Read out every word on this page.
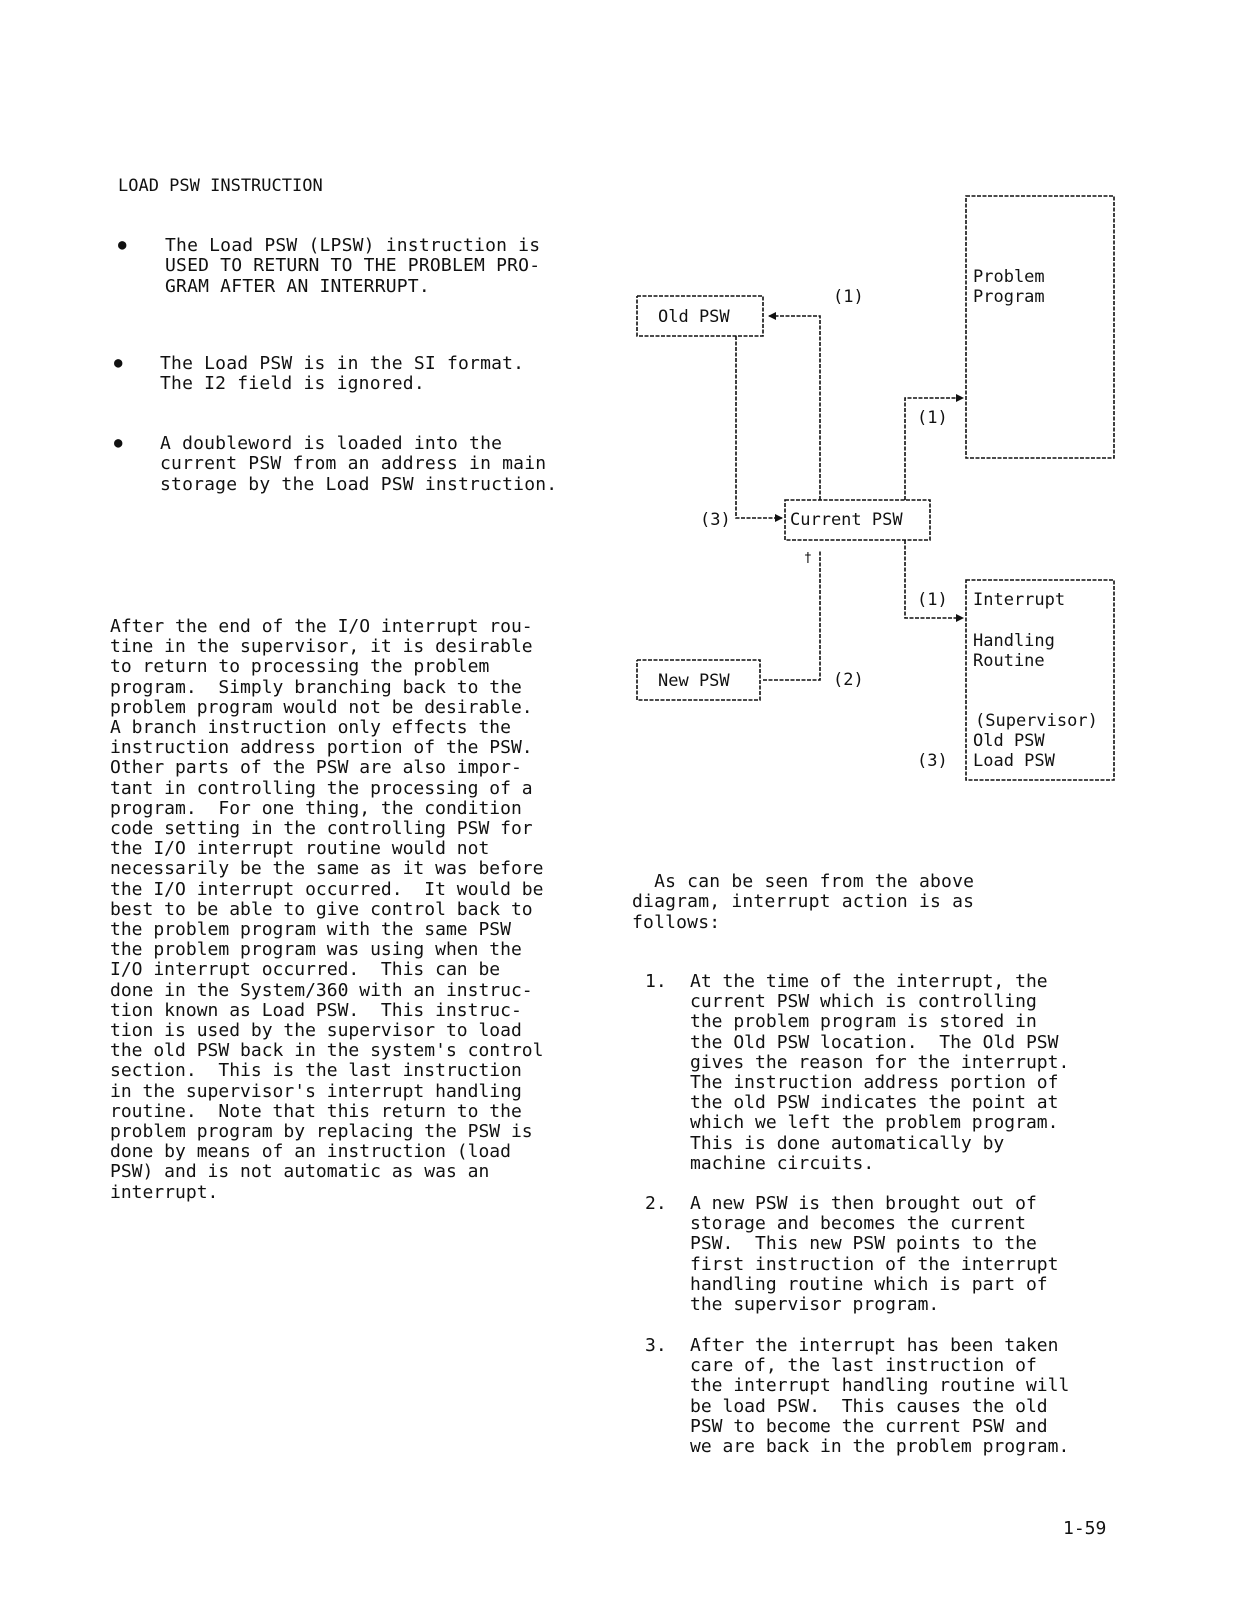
LOAD PSW INSTRUCTION
● The Load PSW (LPSW) instruction is
USED TO RETURN TO THE PROBLEM PRO-
GRAM AFTER AN INTERRUPT.
● The Load PSW is in the SI format.
The I2 field is ignored.
● A doubleword is loaded into the
current PSW from an address in main
storage by the Load PSW instruction.
After the end of the I/O interrupt rou-
tine in the supervisor, it is desirable
to return to processing the problem
program.  Simply branching back to the
problem program would not be desirable.
A branch instruction only effects the
instruction address portion of the PSW.
Other parts of the PSW are also impor-
tant in controlling the processing of a
program.  For one thing, the condition
code setting in the controlling PSW for
the I/O interrupt routine would not
necessarily be the same as it was before
the I/O interrupt occurred.  It would be
best to be able to give control back to
the problem program with the same PSW
the problem program was using when the
I/O interrupt occurred.  This can be
done in the System/360 with an instruc-
tion known as Load PSW.  This instruc-
tion is used by the supervisor to load
the old PSW back in the system's control
section.  This is the last instruction
in the supervisor's interrupt handling
routine.  Note that this return to the
problem program by replacing the PSW is
done by means of an instruction (load
PSW) and is not automatic as was an
interrupt.
Problem
Program
Old PSW
New PSW
Current PSW
Interrupt
Handling
Routine
(Supervisor)
Old PSW
Load PSW
(1)
(1)
(1)
(2)
(3)
(3)
†
As can be seen from the above
diagram, interrupt action is as
follows:
1. At the time of the interrupt, the
current PSW which is controlling
the problem program is stored in
the Old PSW location.  The Old PSW
gives the reason for the interrupt.
The instruction address portion of
the old PSW indicates the point at
which we left the problem program.
This is done automatically by
machine circuits.
2. A new PSW is then brought out of
storage and becomes the current
PSW.  This new PSW points to the
first instruction of the interrupt
handling routine which is part of
the supervisor program.
3. After the interrupt has been taken
care of, the last instruction of
the interrupt handling routine will
be load PSW.  This causes the old
PSW to become the current PSW and
we are back in the problem program.
1-59
